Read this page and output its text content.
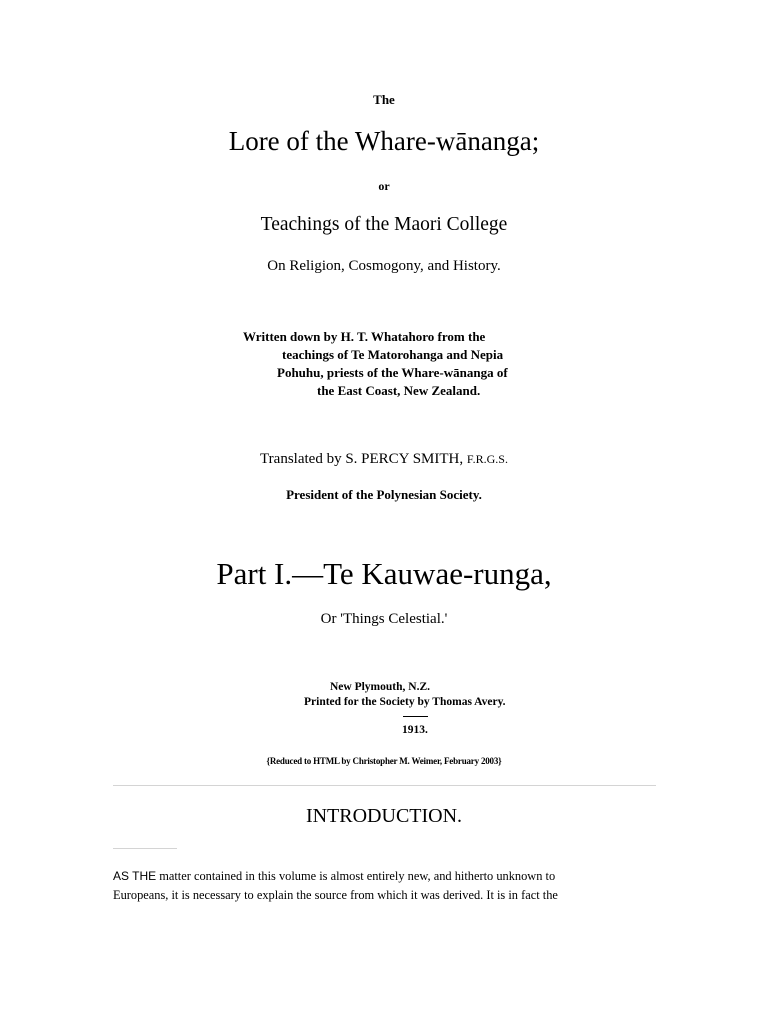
The
Lore of the Whare-wānanga;
or
Teachings of the Maori College
On Religion, Cosmogony, and History.
Written down by H. T. Whatahoro from the
teachings of Te Matorohanga and Nepia
Pohuhu, priests of the Whare-wānanga of
the East Coast, New Zealand.
Translated by S. PERCY SMITH, F.R.G.S.
President of the Polynesian Society.
Part I.—Te Kauwae-runga,
Or 'Things Celestial.'
New Plymouth, N.Z.
Printed for the Society by Thomas Avery.
1913.
{Reduced to HTML by Christopher M. Weimer, February 2003}
INTRODUCTION.
AS THE matter contained in this volume is almost entirely new, and hitherto unknown to
Europeans, it is necessary to explain the source from which it was derived. It is in fact the
